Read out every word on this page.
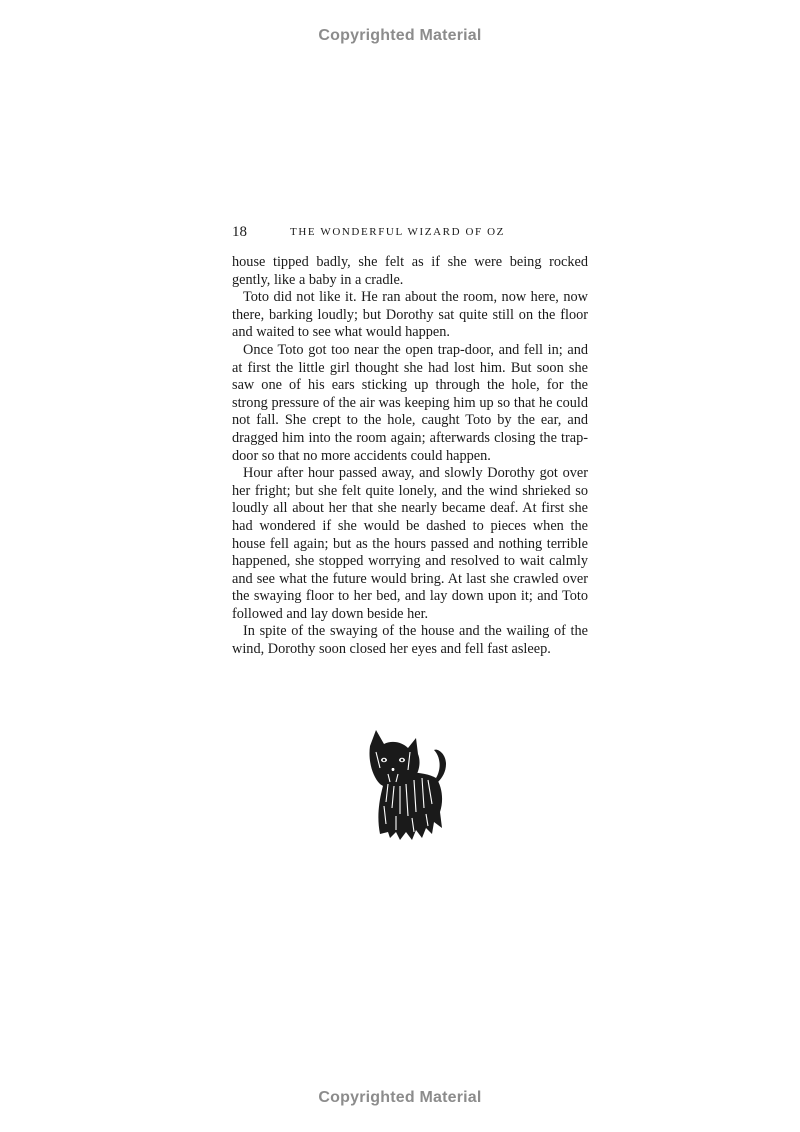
Copyrighted Material
18	THE WONDERFUL WIZARD OF OZ

house tipped badly, she felt as if she were being rocked gently, like a baby in a cradle.

Toto did not like it. He ran about the room, now here, now there, barking loudly; but Dorothy sat quite still on the floor and waited to see what would happen.

Once Toto got too near the open trap-door, and fell in; and at first the little girl thought she had lost him. But soon she saw one of his ears sticking up through the hole, for the strong pressure of the air was keeping him up so that he could not fall. She crept to the hole, caught Toto by the ear, and dragged him into the room again; afterwards closing the trap-door so that no more accidents could happen.

Hour after hour passed away, and slowly Dorothy got over her fright; but she felt quite lonely, and the wind shrieked so loudly all about her that she nearly became deaf. At first she had wondered if she would be dashed to pieces when the house fell again; but as the hours passed and nothing terrible happened, she stopped worrying and resolved to wait calmly and see what the future would bring. At last she crawled over the swaying floor to her bed, and lay down upon it; and Toto followed and lay down beside her.

In spite of the swaying of the house and the wailing of the wind, Dorothy soon closed her eyes and fell fast asleep.

Copyrighted Material
